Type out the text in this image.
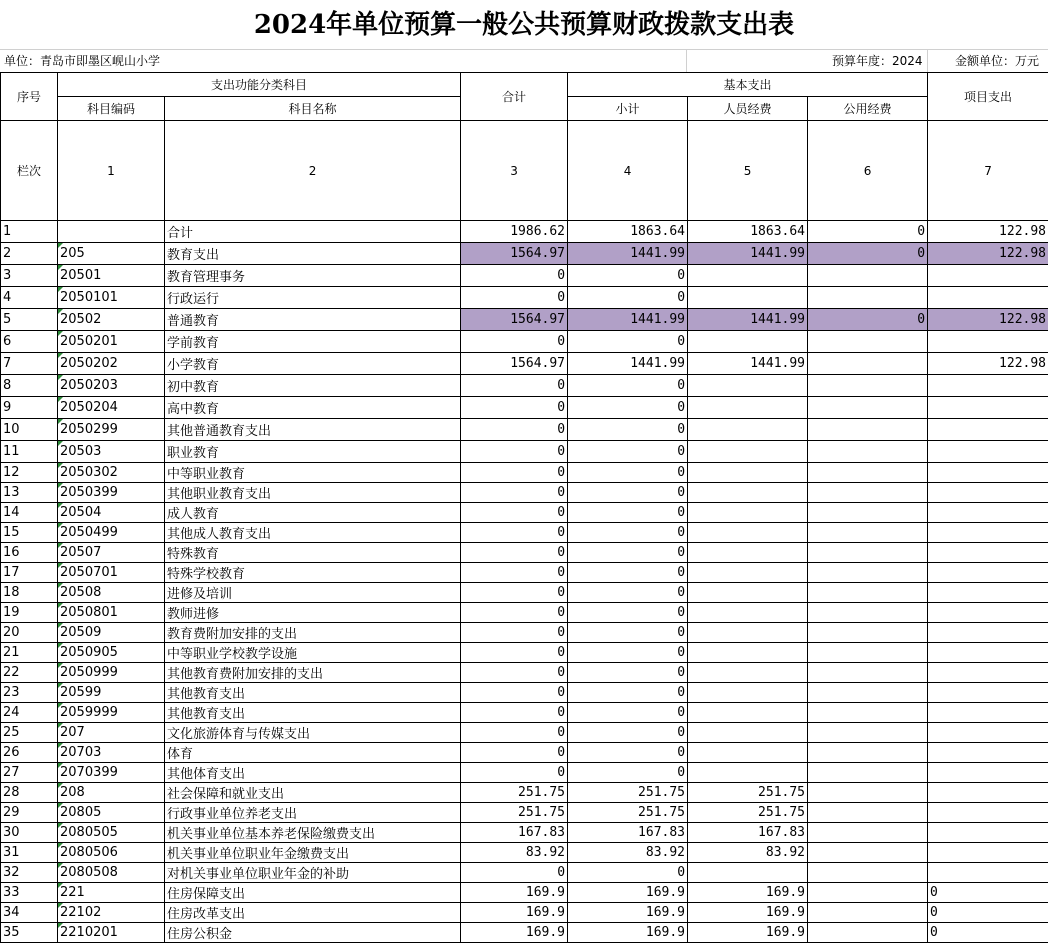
2024年单位预算一般公共预算财政拨款支出表
单位：青岛市即墨区岘山小学	预算年度：2024	金额单位：万元
序号	支出功能分类科目		合计	基本支出			项目支出
	科目编码	科目名称		小计	人员经费	公用经费	
栏次	1	2	3	4	5	6	7
1		合计	1986.62	1863.64	1863.64	0	122.98
2	205	教育支出	1564.97	1441.99	1441.99	0	122.98
3	20501	教育管理事务	0	0			
4	2050101	行政运行	0	0			
5	20502	普通教育	1564.97	1441.99	1441.99	0	122.98
6	2050201	学前教育	0	0			
7	2050202	小学教育	1564.97	1441.99	1441.99		122.98
8	2050203	初中教育	0	0			
9	2050204	高中教育	0	0			
10	2050299	其他普通教育支出	0	0			
11	20503	职业教育	0	0			
12	2050302	中等职业教育	0	0			
13	2050399	其他职业教育支出	0	0			
14	20504	成人教育	0	0			
15	2050499	其他成人教育支出	0	0			
16	20507	特殊教育	0	0			
17	2050701	特殊学校教育	0	0			
18	20508	进修及培训	0	0			
19	2050801	教师进修	0	0			
20	20509	教育费附加安排的支出	0	0			
21	2050905	中等职业学校教学设施	0	0			
22	2050999	其他教育费附加安排的支出	0	0			
23	20599	其他教育支出	0	0			
24	2059999	其他教育支出	0	0			
25	207	文化旅游体育与传媒支出	0	0			
26	20703	体育	0	0			
27	2070399	其他体育支出	0	0			
28	208	社会保障和就业支出	251.75	251.75	251.75		
29	20805	行政事业单位养老支出	251.75	251.75	251.75		
30	2080505	机关事业单位基本养老保险缴费支出	167.83	167.83	167.83		
31	2080506	机关事业单位职业年金缴费支出	83.92	83.92	83.92		
32	2080508	对机关事业单位职业年金的补助	0	0			
33	221	住房保障支出	169.9	169.9	169.9		0
34	22102	住房改革支出	169.9	169.9	169.9		0
35	2210201	住房公积金	169.9	169.9	169.9		0
